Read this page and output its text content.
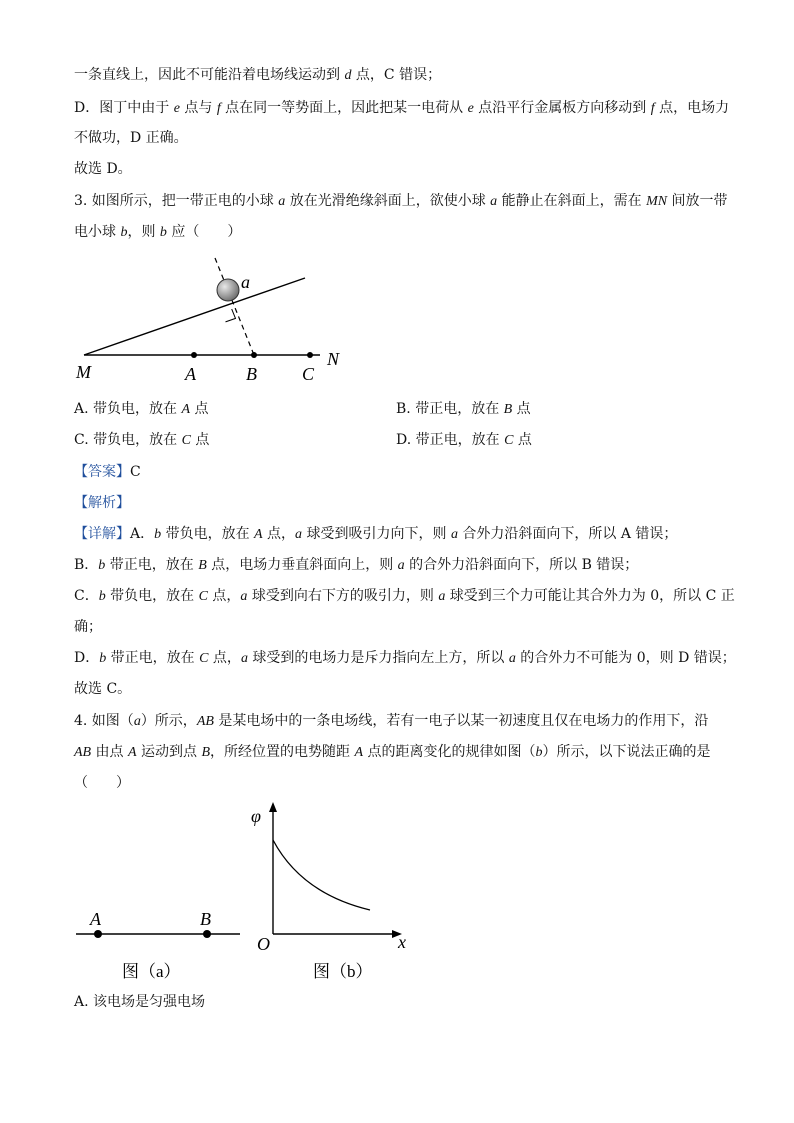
一条直线上，因此不可能沿着电场线运动到 d 点，C 错误；
D．图丁中由于 e 点与 f 点在同一等势面上，因此把某一电荷从 e 点沿平行金属板方向移动到 f 点，电场力
不做功，D 正确。
故选 D。
3. 如图所示，把一带正电的小球 a 放在光滑绝缘斜面上，欲使小球 a 能静止在斜面上，需在 MN 间放一带
电小球 b，则 b 应（　　）
a
M	A	B	C
N
A. 带负电，放在 A 点	B. 带正电，放在 B 点
C. 带负电，放在 C 点	D. 带正电，放在 C 点
【答案】C
【解析】
【详解】A．b 带负电，放在 A 点，a 球受到吸引力向下，则 a 合外力沿斜面向下，所以 A 错误；
B．b 带正电，放在 B 点，电场力垂直斜面向上，则 a 的合外力沿斜面向下，所以 B 错误；
C．b 带负电，放在 C 点，a 球受到向右下方的吸引力，则 a 球受到三个力可能让其合外力为 0，所以 C 正
确；
D．b 带正电，放在 C 点，a 球受到的电场力是斥力指向左上方，所以 a 的合外力不可能为 0，则 D 错误；
故选 C。
4. 如图（a）所示，AB 是某电场中的一条电场线，若有一电子以某一初速度且仅在电场力的作用下，沿
AB 由点 A 运动到点 B，所经位置的电势随距 A 点的距离变化的规律如图（b）所示，以下说法正确的是
（　　）
A	B
图（a）
φ
O	x
图（b）
A. 该电场是匀强电场
